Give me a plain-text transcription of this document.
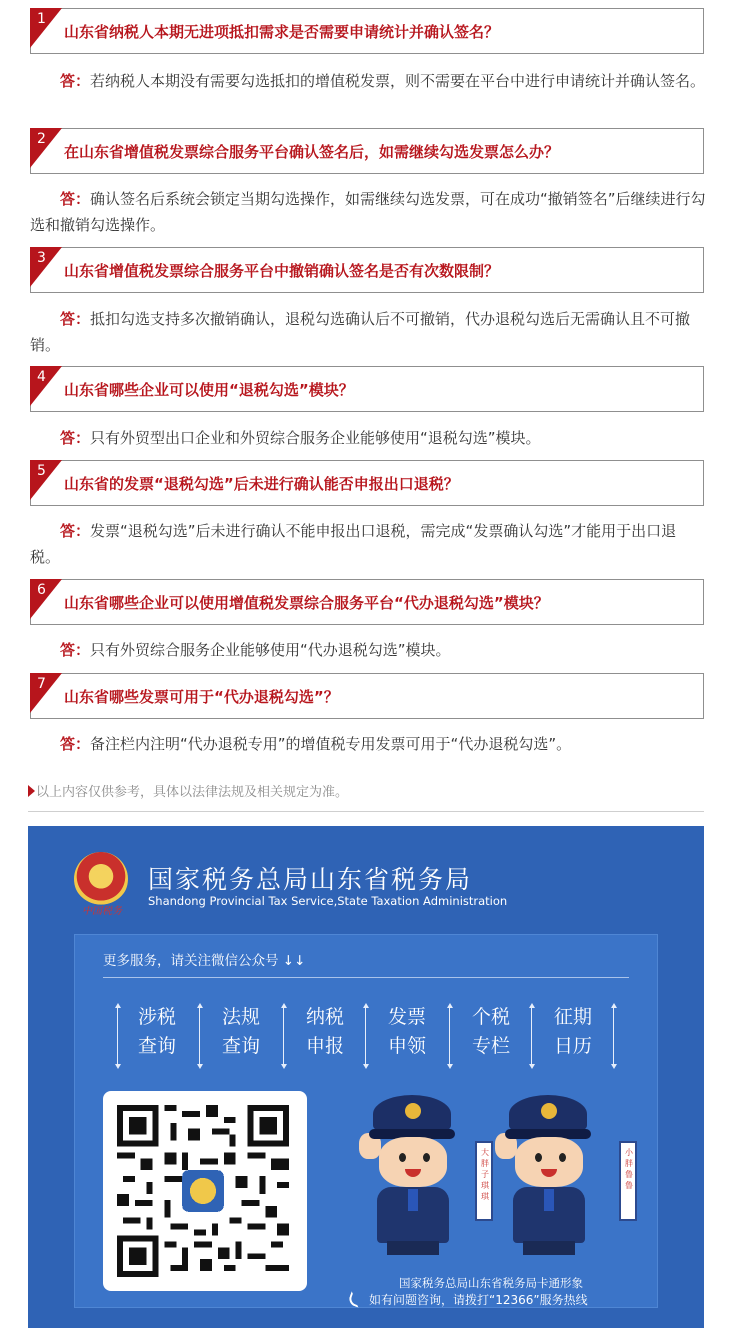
1
山东省纳税人本期无进项抵扣需求是否需要申请统计并确认签名？

答：若纳税人本期没有需要勾选抵扣的增值税发票，则不需要在平台中进行申请统计并确认签名。

2
在山东省增值税发票综合服务平台确认签名后，如需继续勾选发票怎么办？

答：确认签名后系统会锁定当期勾选操作，如需继续勾选发票，可在成功“撤销签名”后继续进行勾选和撤销勾选操作。

3
山东省增值税发票综合服务平台中撤销确认签名是否有次数限制？

答：抵扣勾选支持多次撤销确认，退税勾选确认后不可撤销，代办退税勾选后无需确认且不可撤销。

4
山东省哪些企业可以使用“退税勾选”模块？

答：只有外贸型出口企业和外贸综合服务企业能够使用“退税勾选”模块。

5
山东省的发票“退税勾选”后未进行确认能否申报出口退税？

答：发票“退税勾选”后未进行确认不能申报出口退税，需完成“发票确认勾选”才能用于出口退税。

6
山东省哪些企业可以使用增值税发票综合服务平台“代办退税勾选”模块？

答：只有外贸综合服务企业能够使用“代办退税勾选”模块。

7
山东省哪些发票可用于“代办退税勾选”？

答：备注栏内注明“代办退税专用”的增值税专用发票可用于“代办退税勾选”。

以上内容仅供参考，具体以法律法规及相关规定为准。
★
中国税务
国家税务总局山东省税务局
Shandong Provincial Tax Service,State Taxation Administration
更多服务，请关注微信公众号 ↓↓
涉税
查询
法规
查询
纳税
申报
发票
申领
个税
专栏
征期
日历
大胖子琪琪
小胖鲁鲁
国家税务总局山东省税务局卡通形象
如有问题咨询，请拨打“12366”服务热线
